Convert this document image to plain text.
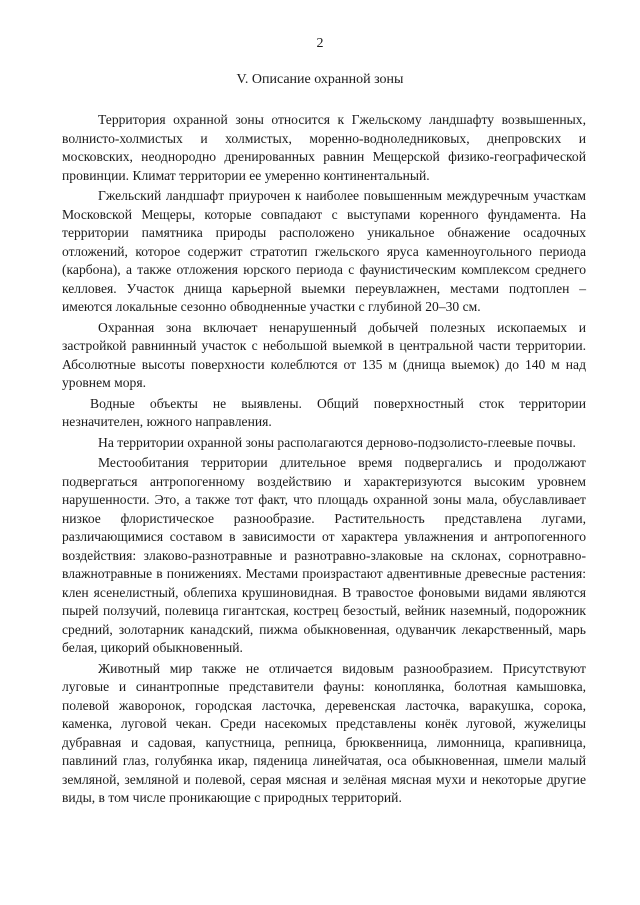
2
V. Описание охранной зоны

Территория охранной зоны относится к Гжельскому ландшафту возвышенных, волнисто-холмистых и холмистых, моренно-водноледниковых, днепровских и московских, неоднородно дренированных равнин Мещерской физико-географической провинции. Климат территории ее умеренно континентальный.

Гжельский ландшафт приурочен к наиболее повышенным междуречным участкам Московской Мещеры, которые совпадают с выступами коренного фундамента. На территории памятника природы расположено уникальное обнажение осадочных отложений, которое содержит стратотип гжельского яруса каменноугольного периода (карбона), а также отложения юрского периода с фаунистическим комплексом среднего келловея. Участок днища карьерной выемки переувлажнен, местами подтоплен – имеются локальные сезонно обводненные участки с глубиной 20–30 см.

Охранная зона включает ненарушенный добычей полезных ископаемых и застройкой равнинный участок с небольшой выемкой в центральной части территории. Абсолютные высоты поверхности колеблются от 135 м (днища выемок) до 140 м над уровнем моря.

Водные объекты не выявлены. Общий поверхностный сток территории незначителен, южного направления.

На территории охранной зоны располагаются дерново-подзолисто-глеевые почвы.

Местообитания территории длительное время подвергались и продолжают подвергаться антропогенному воздействию и характеризуются высоким уровнем нарушенности. Это, а также тот факт, что площадь охранной зоны мала, обуславливает низкое флористическое разнообразие. Растительность представлена лугами, различающимися составом в зависимости от характера увлажнения и антропогенного воздействия: злаково-разнотравные и разнотравно-злаковые на склонах, сорнотравно-влажнотравные в понижениях. Местами произрастают адвентивные древесные растения: клен ясенелистный, облепиха крушиновидная. В травостое фоновыми видами являются пырей ползучий, полевица гигантская, кострец безостый, вейник наземный, подорожник средний, золотарник канадский, пижма обыкновенная, одуванчик лекарственный, марь белая, цикорий обыкновенный.

Животный мир также не отличается видовым разнообразием. Присутствуют луговые и синантропные представители фауны: коноплянка, болотная камышовка, полевой жаворонок, городская ласточка, деревенская ласточка, варакушка, сорока, каменка, луговой чекан. Среди насекомых представлены конёк луговой, жужелицы дубравная и садовая, капустница, репница, брюквенница, лимонница, крапивница, павлиний глаз, голубянка икар, пяденица линейчатая, оса обыкновенная, шмели малый земляной, земляной и полевой, серая мясная и зелёная мясная мухи и некоторые другие виды, в том числе проникающие с природных территорий.
